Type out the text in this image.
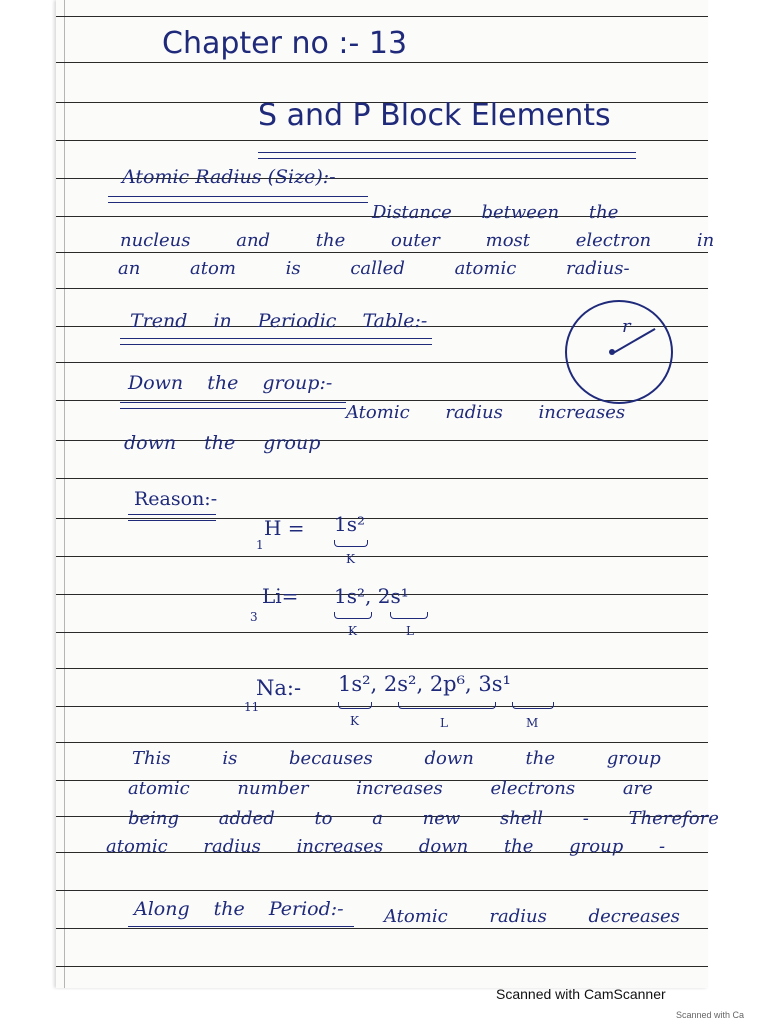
Chapter no :- 13
S and P Block Elements
Atomic Radius (Size):-
Distance between the
nucleus and the outer most electron in
an atom is called atomic radius-
Trend in Periodic Table:-	r
Down the group:-
Atomic radius increases
down the group
Reason:-
H =
1
1s²
K
Li=
3
1s², 2s¹
K	L
Na:-
11
1s², 2s², 2p⁶, 3s¹
K	L	M
This is becauses down the group
atomic number increases electrons are
being added to a new shell - Therefore
atomic radius increases down the group -
Along the Period:- Atomic radius decreases
Scanned with CamScanner
Scanned with Ca
